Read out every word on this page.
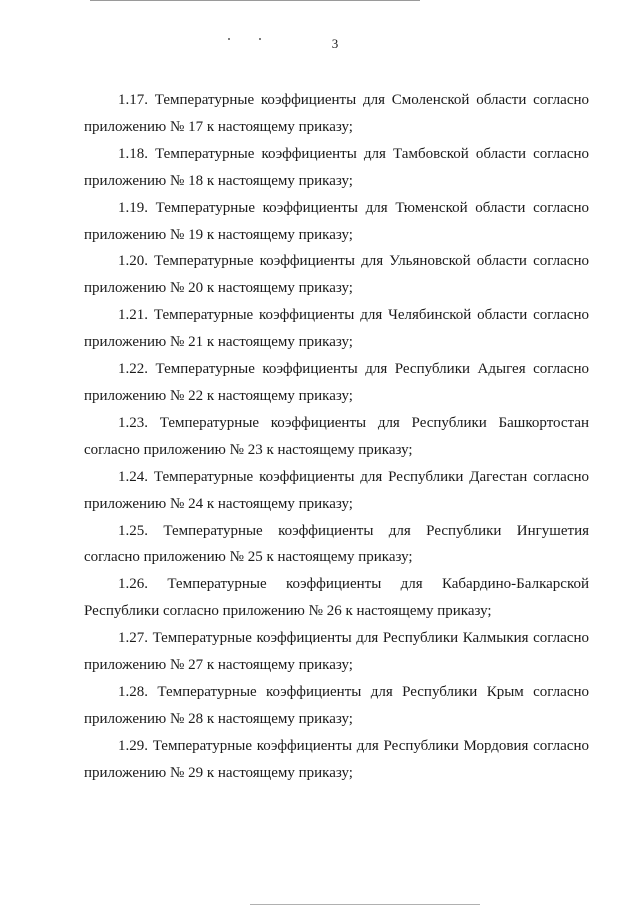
3

1.17. Температурные коэффициенты для Смоленской области согласно приложению № 17 к настоящему приказу;

1.18. Температурные коэффициенты для Тамбовской области согласно приложению № 18 к настоящему приказу;

1.19. Температурные коэффициенты для Тюменской области согласно приложению № 19 к настоящему приказу;

1.20. Температурные коэффициенты для Ульяновской области согласно приложению № 20 к настоящему приказу;

1.21. Температурные коэффициенты для Челябинской области согласно приложению № 21 к настоящему приказу;

1.22. Температурные коэффициенты для Республики Адыгея согласно приложению № 22 к настоящему приказу;

1.23. Температурные коэффициенты для Республики Башкортостан согласно приложению № 23 к настоящему приказу;

1.24. Температурные коэффициенты для Республики Дагестан согласно приложению № 24 к настоящему приказу;

1.25. Температурные коэффициенты для Республики Ингушетия согласно приложению № 25 к настоящему приказу;

1.26. Температурные коэффициенты для Кабардино-Балкарской Республики согласно приложению № 26 к настоящему приказу;

1.27. Температурные коэффициенты для Республики Калмыкия согласно приложению № 27 к настоящему приказу;

1.28. Температурные коэффициенты для Республики Крым согласно приложению № 28 к настоящему приказу;

1.29. Температурные коэффициенты для Республики Мордовия согласно приложению № 29 к настоящему приказу;
